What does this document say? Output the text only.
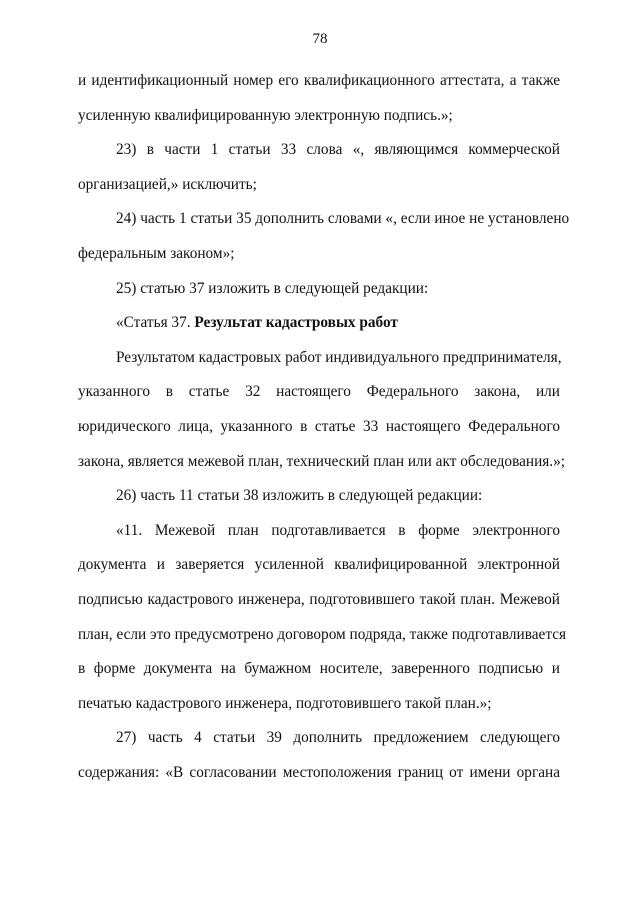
78
и идентификационный номер его квалификационного аттестата, а также
усиленную квалифицированную электронную подпись.»;
23) в части 1 статьи 33 слова «, являющимся коммерческой
организацией,» исключить;
24) часть 1 статьи 35 дополнить словами «, если иное не установлено
федеральным законом»;
25) статью 37 изложить в следующей редакции:
«Статья 37. Результат кадастровых работ
Результатом кадастровых работ индивидуального предпринимателя,
указанного в статье 32 настоящего Федерального закона, или
юридического лица, указанного в статье 33 настоящего Федерального
закона, является межевой план, технический план или акт обследования.»;
26) часть 11 статьи 38 изложить в следующей редакции:
«11. Межевой план подготавливается в форме электронного
документа и заверяется усиленной квалифицированной электронной
подписью кадастрового инженера, подготовившего такой план. Межевой
план, если это предусмотрено договором подряда, также подготавливается
в форме документа на бумажном носителе, заверенного подписью и
печатью кадастрового инженера, подготовившего такой план.»;
27) часть 4 статьи 39 дополнить предложением следующего
содержания: «В согласовании местоположения границ от имени органа
